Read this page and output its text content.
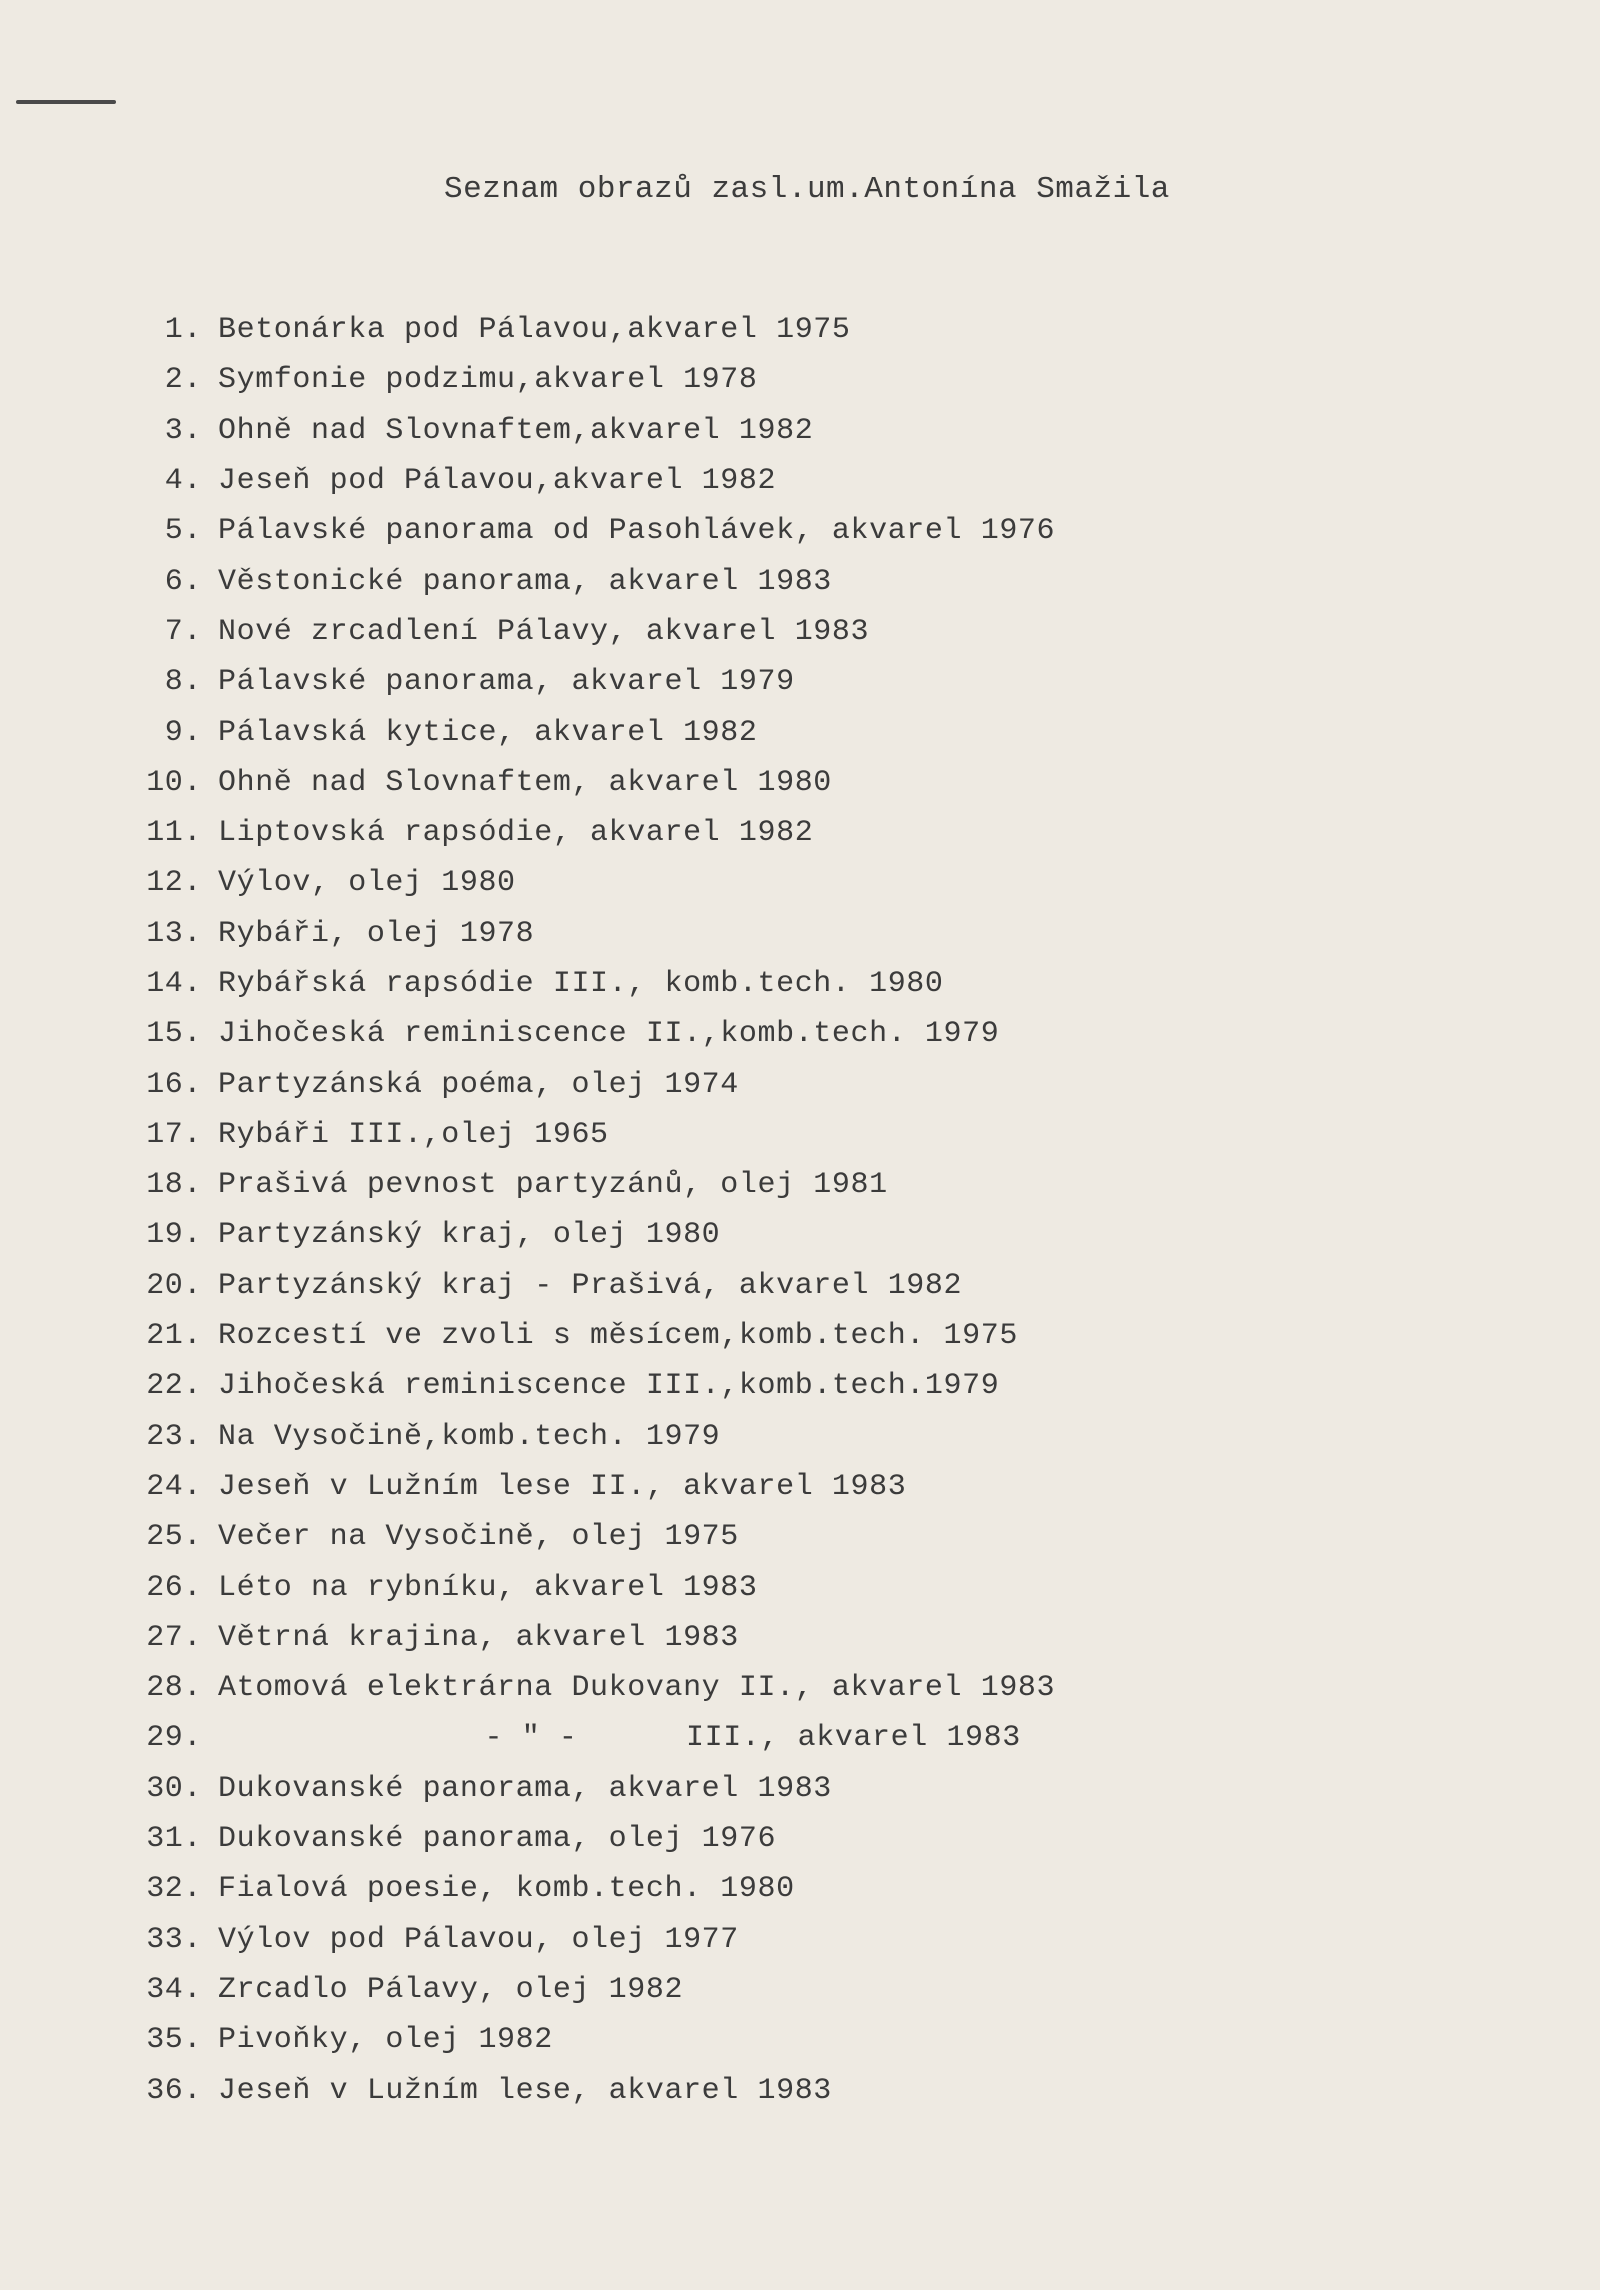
Seznam obrazů zasl.um.Antonína Smažila
1. Betonárka pod Pálavou,akvarel 1975
2. Symfonie podzimu,akvarel 1978
3. Ohně nad Slovnaftem,akvarel 1982
4. Jeseň pod Pálavou,akvarel 1982
5. Pálavské panorama od Pasohlávek, akvarel 1976
6. Věstonické panorama, akvarel 1983
7. Nové zrcadlení Pálavy, akvarel 1983
8. Pálavské panorama, akvarel 1979
9. Pálavská kytice, akvarel 1982
10. Ohně nad Slovnaftem, akvarel 1980
11. Liptovská rapsódie, akvarel 1982
12. Výlov, olej 1980
13. Rybáři, olej 1978
14. Rybářská rapsódie III., komb.tech. 1980
15. Jihočeská reminiscence II.,komb.tech. 1979
16. Partyzánská poéma, olej 1974
17. Rybáři III.,olej 1965
18. Prašivá pevnost partyzánů, olej 1981
19. Partyzánský kraj, olej 1980
20. Partyzánský kraj - Prašivá, akvarel 1982
21. Rozcestí ve zvoli s měsícem,komb.tech. 1975
22. Jihočeská reminiscence III.,komb.tech.1979
23. Na Vysočině,komb.tech. 1979
24. Jeseň v Lužním lese II., akvarel 1983
25. Večer na Vysočině, olej 1975
26. Léto na rybníku, akvarel 1983
27. Větrná krajina, akvarel 1983
28. Atomová elektrárna Dukovany II., akvarel 1983
29.	- " -	III., akvarel 1983
30. Dukovanské panorama, akvarel 1983
31. Dukovanské panorama, olej 1976
32. Fialová poesie, komb.tech. 1980
33. Výlov pod Pálavou, olej 1977
34. Zrcadlo Pálavy, olej 1982
35. Pivoňky, olej 1982
36. Jeseň v Lužním lese, akvarel 1983
